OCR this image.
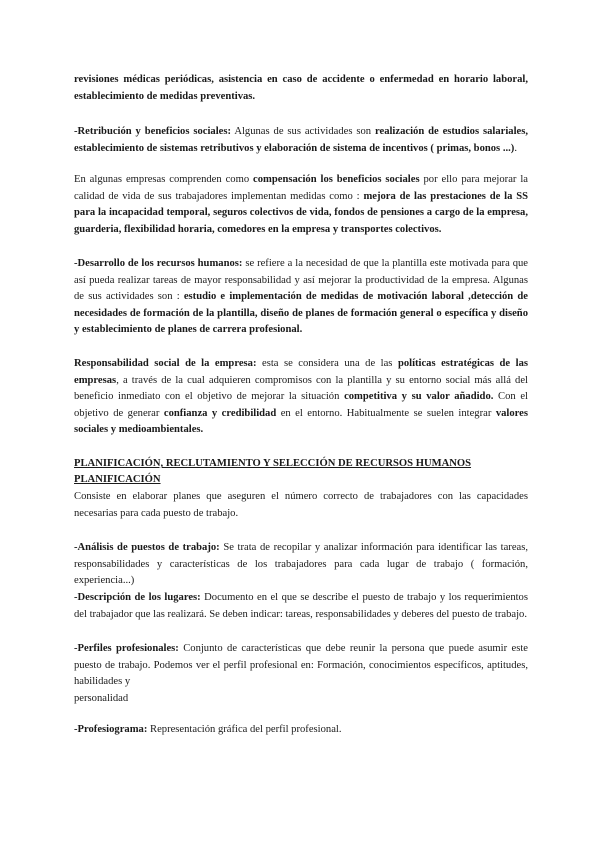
revisiones médicas periódicas, asistencia en caso de accidente o enfermedad en horario laboral, establecimiento de medidas preventivas.

-Retribución y beneficios sociales: Algunas de sus actividades son realización de estudios salariales, establecimiento de sistemas retributivos y elaboración de sistema de incentivos ( primas, bonos ...).

En algunas empresas comprenden como compensación los beneficios sociales por ello para mejorar la calidad de vida de sus trabajadores implementan medidas como : mejora de las prestaciones de la SS para la incapacidad temporal, seguros colectivos de vida, fondos de pensiones a cargo de la empresa, guarderia, flexibilidad horaria, comedores en la empresa y transportes colectivos.

-Desarrollo de los recursos humanos: se refiere a la necesidad de que la plantilla este motivada para que así pueda realizar tareas de mayor responsabilidad y así mejorar la productividad de la empresa. Algunas de sus actividades son : estudio e implementación de medidas de motivación laboral ,detección de necesidades de formación de la plantilla, diseño de planes de formación general o específica y diseño y establecimiento de planes de carrera profesional.

Responsabilidad social de la empresa: esta se considera una de las políticas estratégicas de las empresas, a través de la cual adquieren compromisos con la plantilla y su entorno social más allá del beneficio inmediato con el objetivo de mejorar la situación competitiva y su valor añadido. Con el objetivo de generar confianza y credibilidad en el entorno. Habitualmente se suelen integrar valores sociales y medioambientales.

PLANIFICACIÓN, RECLUTAMIENTO Y SELECCIÓN DE RECURSOS HUMANOS

PLANIFICACIÓN

Consiste en elaborar planes que aseguren el número correcto de trabajadores con las capacidades necesarias para cada puesto de trabajo.

-Análisis de puestos de trabajo: Se trata de recopilar y analizar información para identificar las tareas, responsabilidades y características de los trabajadores para cada lugar de trabajo ( formación, experiencia...)

-Descripción de los lugares: Documento en el que se describe el puesto de trabajo y los requerimientos del trabajador que las realizará. Se deben indicar: tareas, responsabilidades y deberes del puesto de trabajo.

-Perfiles profesionales: Conjunto de características que debe reunir la persona que puede asumir este puesto de trabajo. Podemos ver el perfil profesional en: Formación, conocimientos específicos, aptitudes, habilidades y
personalidad

-Profesiograma: Representación gráfica del perfil profesional.
